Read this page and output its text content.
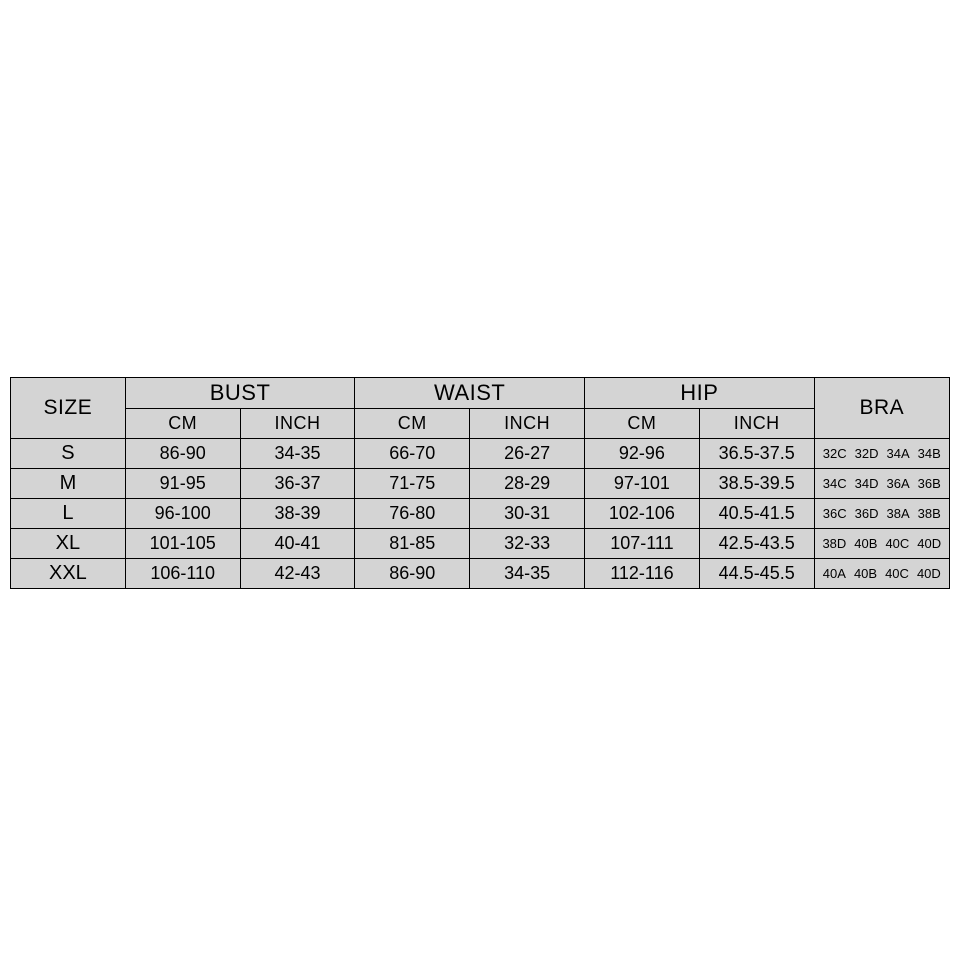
SIZE	BUST		WAIST		HIP		BRA
	CM	INCH	CM	INCH	CM	INCH	
S	86-90	34-35	66-70	26-27	92-96	36.5-37.5	32C 32D 34A 34B
M	91-95	36-37	71-75	28-29	97-101	38.5-39.5	34C 34D 36A 36B
L	96-100	38-39	76-80	30-31	102-106	40.5-41.5	36C 36D 38A 38B
XL	101-105	40-41	81-85	32-33	107-111	42.5-43.5	38D 40B 40C 40D
XXL	106-110	42-43	86-90	34-35	112-116	44.5-45.5	40A 40B 40C 40D
